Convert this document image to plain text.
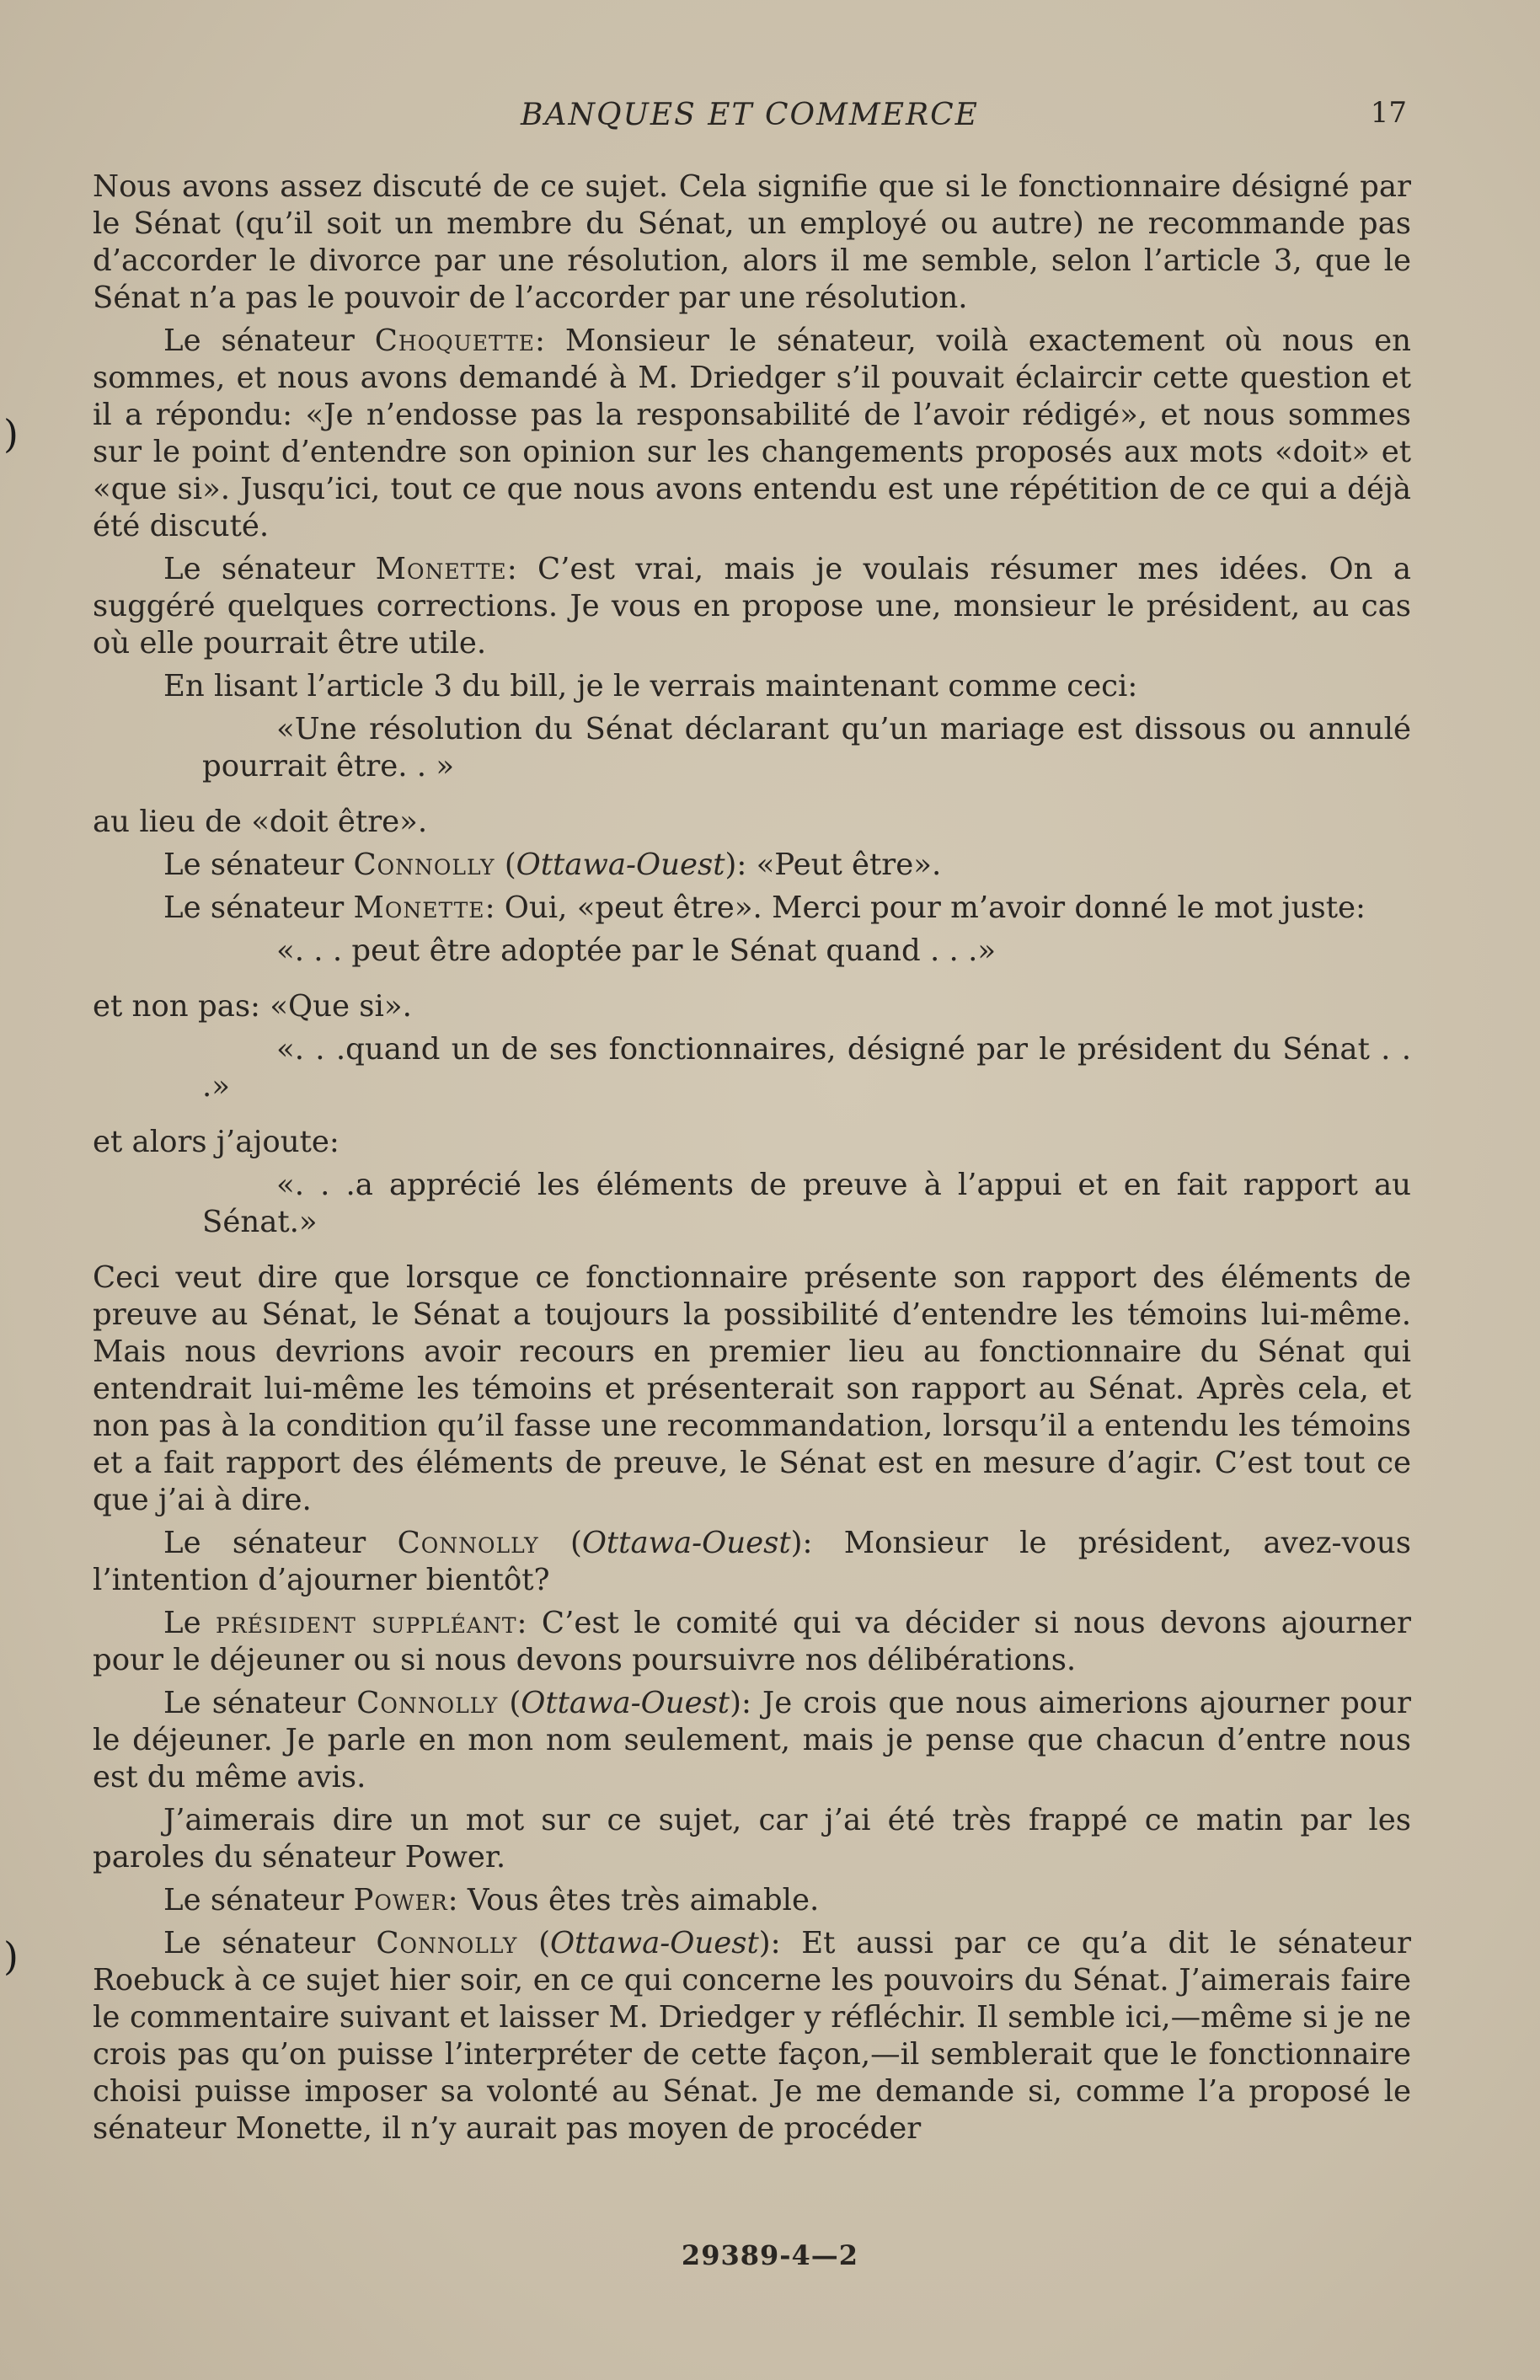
BANQUES ET COMMERCE	17
)
)

Nous avons assez discuté de ce sujet. Cela signifie que si le fonctionnaire désigné par le Sénat (qu’il soit un membre du Sénat, un employé ou autre) ne recommande pas d’accorder le divorce par une résolution, alors il me semble, selon l’article 3, que le Sénat n’a pas le pouvoir de l’accorder par une résolution.

Le sénateur Choquette: Monsieur le sénateur, voilà exactement où nous en sommes, et nous avons demandé à M. Driedger s’il pouvait éclaircir cette question et il a répondu: «Je n’endosse pas la responsabilité de l’avoir rédigé», et nous sommes sur le point d’entendre son opinion sur les changements proposés aux mots «doit» et «que si». Jusqu’ici, tout ce que nous avons entendu est une répétition de ce qui a déjà été discuté.

Le sénateur Monette: C’est vrai, mais je voulais résumer mes idées. On a suggéré quelques corrections. Je vous en propose une, monsieur le président, au cas où elle pourrait être utile.

En lisant l’article 3 du bill, je le verrais maintenant comme ceci:

«Une résolution du Sénat déclarant qu’un mariage est dissous ou annulé pourrait être. . »

au lieu de «doit être».

Le sénateur Connolly (Ottawa-Ouest): «Peut être».

Le sénateur Monette: Oui, «peut être». Merci pour m’avoir donné le mot juste:

«. . . peut être adoptée par le Sénat quand . . .»

et non pas: «Que si».

«. . .quand un de ses fonctionnaires, désigné par le président du Sénat . . .»

et alors j’ajoute:

«. . .a apprécié les éléments de preuve à l’appui et en fait rapport au Sénat.»

Ceci veut dire que lorsque ce fonctionnaire présente son rapport des éléments de preuve au Sénat, le Sénat a toujours la possibilité d’entendre les témoins lui-même. Mais nous devrions avoir recours en premier lieu au fonctionnaire du Sénat qui entendrait lui-même les témoins et présenterait son rapport au Sénat. Après cela, et non pas à la condition qu’il fasse une recommandation, lorsqu’il a entendu les témoins et a fait rapport des éléments de preuve, le Sénat est en mesure d’agir. C’est tout ce que j’ai à dire.

Le sénateur Connolly (Ottawa-Ouest): Monsieur le président, avez-vous l’intention d’ajourner bientôt?

Le président suppléant: C’est le comité qui va décider si nous devons ajourner pour le déjeuner ou si nous devons poursuivre nos délibérations.

Le sénateur Connolly (Ottawa-Ouest): Je crois que nous aimerions ajourner pour le déjeuner. Je parle en mon nom seulement, mais je pense que chacun d’entre nous est du même avis.

J’aimerais dire un mot sur ce sujet, car j’ai été très frappé ce matin par les paroles du sénateur Power.

Le sénateur Power: Vous êtes très aimable.

Le sénateur Connolly (Ottawa-Ouest): Et aussi par ce qu’a dit le sénateur Roebuck à ce sujet hier soir, en ce qui concerne les pouvoirs du Sénat. J’aimerais faire le commentaire suivant et laisser M. Driedger y réfléchir. Il semble ici,—même si je ne crois pas qu’on puisse l’interpréter de cette façon,—il semblerait que le fonctionnaire choisi puisse imposer sa volonté au Sénat. Je me demande si, comme l’a proposé le sénateur Monette, il n’y aurait pas moyen de procéder

29389-4—2
